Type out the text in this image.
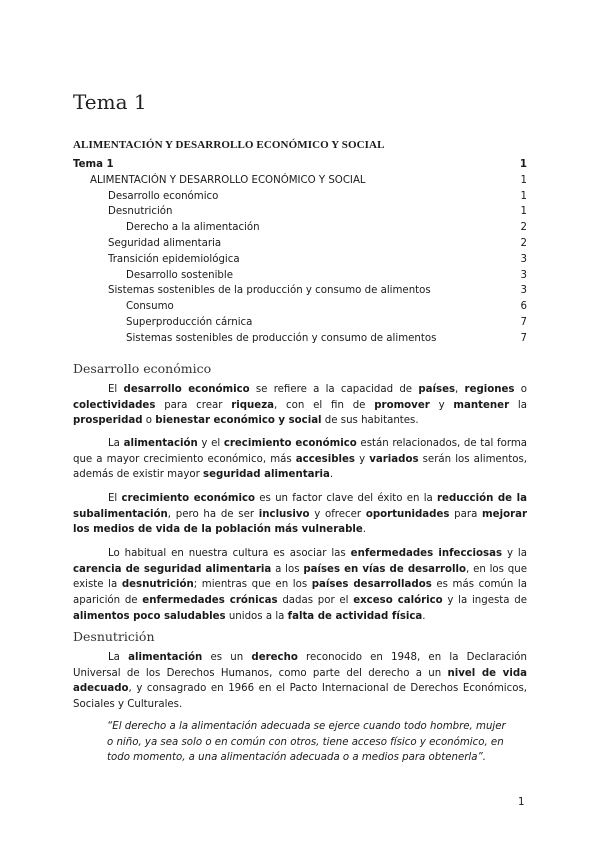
Tema 1
ALIMENTACIÓN Y DESARROLLO ECONÓMICO Y SOCIAL
Tema 1	1
ALIMENTACIÓN Y DESARROLLO ECONÓMICO Y SOCIAL	1
Desarrollo económico	1
Desnutrición	1
Derecho a la alimentación	2
Seguridad alimentaria	2
Transición epidemiológica	3
Desarrollo sostenible	3
Sistemas sostenibles de la producción y consumo de alimentos	3
Consumo	6
Superproducción cárnica	7
Sistemas sostenibles de producción y consumo de alimentos	7
Desarrollo económico

El desarrollo económico se refiere a la capacidad de países, regiones o colectividades para crear riqueza, con el fin de promover y mantener la prosperidad o bienestar económico y social de sus habitantes.

La alimentación y el crecimiento económico están relacionados, de tal forma que a mayor crecimiento económico, más accesibles y variados serán los alimentos, además de existir mayor seguridad alimentaria.

El crecimiento económico es un factor clave del éxito en la reducción de la subalimentación, pero ha de ser inclusivo y ofrecer oportunidades para mejorar los medios de vida de la población más vulnerable.

Lo habitual en nuestra cultura es asociar las enfermedades infecciosas y la carencia de seguridad alimentaria a los países en vías de desarrollo, en los que existe la desnutrición; mientras que en los países desarrollados es más común la aparición de enfermedades crónicas dadas por el exceso calórico y la ingesta de alimentos poco saludables unidos a la falta de actividad física.

Desnutrición

La alimentación es un derecho reconocido en 1948, en la Declaración Universal de los Derechos Humanos, como parte del derecho a un nivel de vida adecuado, y consagrado en 1966 en el Pacto Internacional de Derechos Económicos, Sociales y Culturales.

“El derecho a la alimentación adecuada se ejerce cuando todo hombre, mujer o niño, ya sea solo o en común con otros, tiene acceso físico y económico, en todo momento, a una alimentación adecuada o a medios para obtenerla”.

1
